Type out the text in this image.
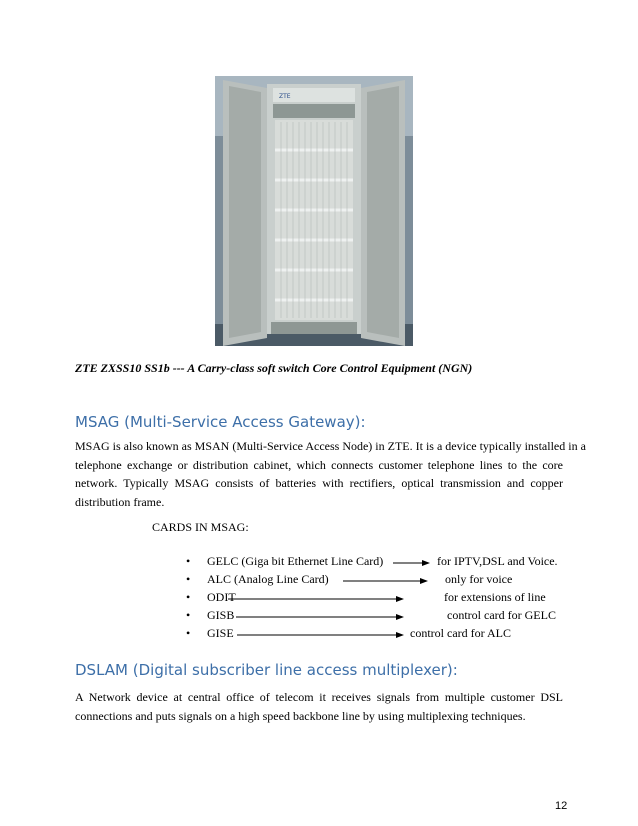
ZTE
ZTE ZXSS10 SS1b --- A Carry-class soft switch Core Control Equipment (NGN)
MSAG (Multi-Service Access Gateway):
MSAG is also known as MSAN (Multi-Service Access Node) in ZTE. It is a device typically installed in a
telephone exchange or distribution cabinet, which connects customer telephone lines to the core
network. Typically MSAG consists of batteries with rectifiers, optical transmission and copper
distribution frame.
CARDS IN MSAG:
• GELC (Giga bit Ethernet Line Card)	for IPTV,DSL and Voice.
• ALC (Analog Line Card)	only for voice
• ODIT	for extensions of line
• GISB	control card for GELC
• GISE	control card for ALC
DSLAM (Digital subscriber line access multiplexer):
A Network device at central office of telecom it receives signals from multiple customer DSL
connections and puts signals on a high speed backbone line by using multiplexing techniques.
12
